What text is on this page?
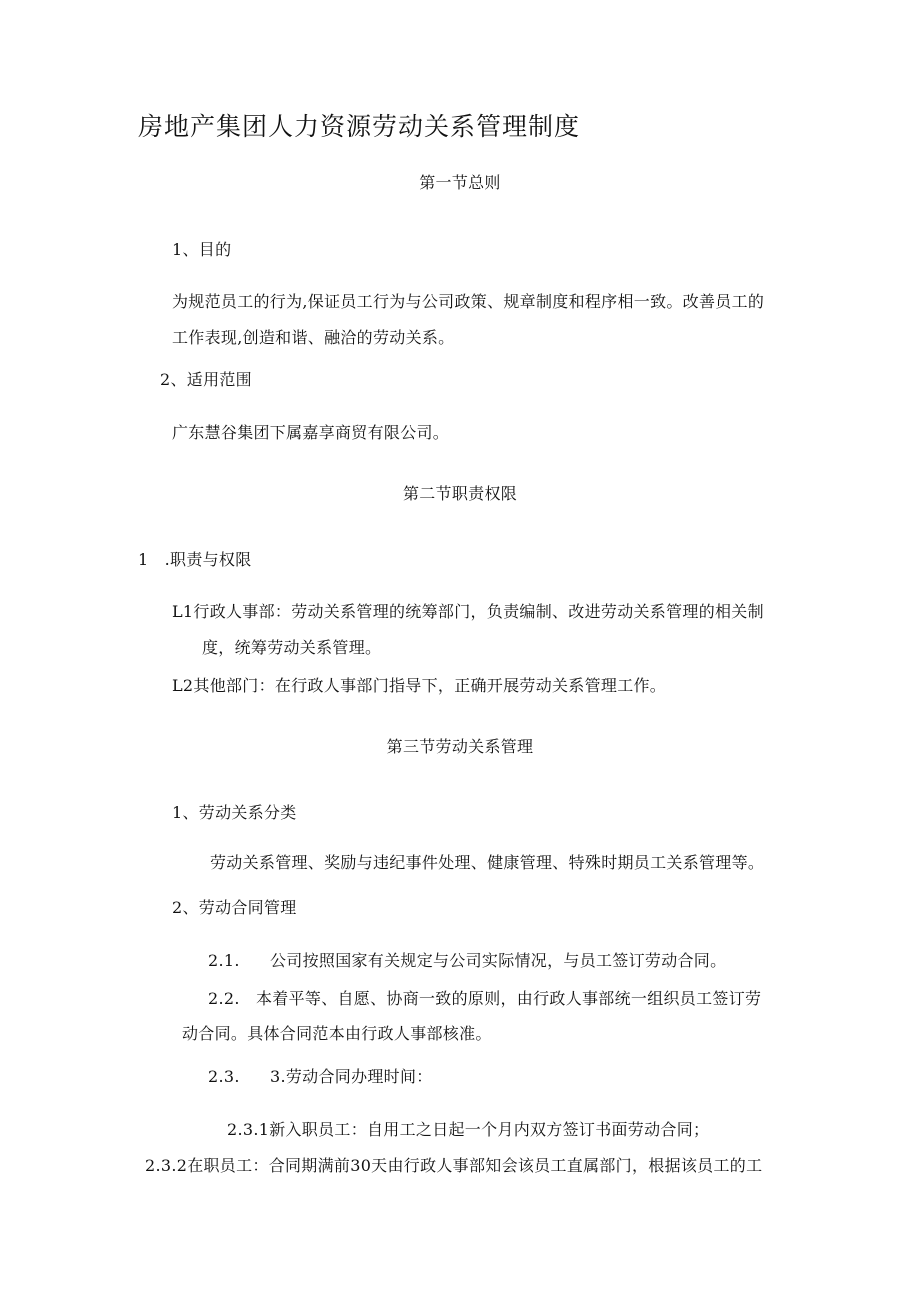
房地产集团人力资源劳动关系管理制度
第一节总则
1、目的
为规范员工的行为,保证员工行为与公司政策、规章制度和程序相一致。改善员工的
工作表现,创造和谐、融洽的劳动关系。
2、适用范围
广东慧谷集团下属嘉享商贸有限公司。
第二节职责权限
1   .职责与权限
L1行政人事部：劳动关系管理的统筹部门，负责编制、改进劳动关系管理的相关制
度，统筹劳动关系管理。
L2其他部门：在行政人事部门指导下，正确开展劳动关系管理工作。
第三节劳动关系管理
1、劳动关系分类
劳动关系管理、奖励与违纪事件处理、健康管理、特殊时期员工关系管理等。
2、劳动合同管理
2.1. 公司按照国家有关规定与公司实际情况，与员工签订劳动合同。
2.2. 本着平等、自愿、协商一致的原则，由行政人事部统一组织员工签订劳
动合同。具体合同范本由行政人事部核准。
2.3. 3.劳动合同办理时间：
2.3.1新入职员工：自用工之日起一个月内双方签订书面劳动合同；
2.3.2在职员工：合同期满前30天由行政人事部知会该员工直属部门，根据该员工的工
